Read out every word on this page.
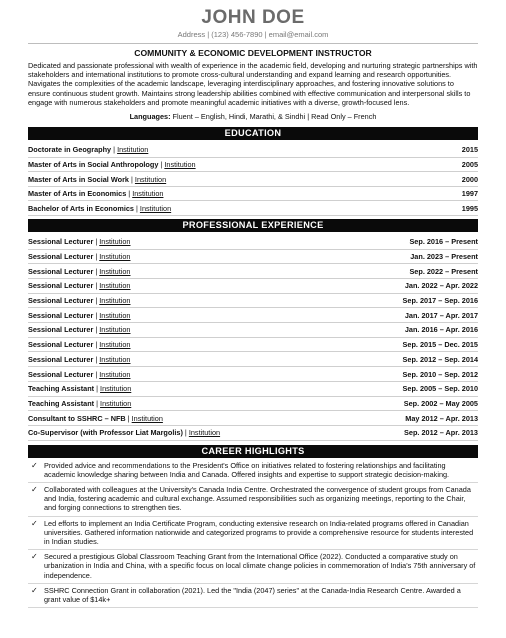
JOHN DOE
Address | (123) 456-7890 | email@email.com
COMMUNITY & ECONOMIC DEVELOPMENT INSTRUCTOR
Dedicated and passionate professional with wealth of experience in the academic field, developing and nurturing strategic partnerships with stakeholders and international institutions to promote cross-cultural understanding and expand learning and research opportunities. Navigates the complexities of the academic landscape, leveraging interdisciplinary approaches, and fostering innovative solutions to ensure continuous student growth. Maintains strong leadership abilities combined with effective communication and interpersonal skills to engage with numerous stakeholders and promote meaningful academic initiatives with a diverse, growth-focused lens.
Languages: Fluent – English, Hindi, Marathi, & Sindhi | Read Only – French
EDUCATION
Doctorate in Geography | Institution	2015
Master of Arts in Social Anthropology | Institution	2005
Master of Arts in Social Work | Institution	2000
Master of Arts in Economics | Institution	1997
Bachelor of Arts in Economics | Institution	1995
PROFESSIONAL EXPERIENCE
Sessional Lecturer | Institution	Sep. 2016 – Present
Sessional Lecturer | Institution	Jan. 2023 – Present
Sessional Lecturer | Institution	Sep. 2022 – Present
Sessional Lecturer | Institution	Jan. 2022 – Apr. 2022
Sessional Lecturer | Institution	Sep. 2017 – Sep. 2016
Sessional Lecturer | Institution	Jan. 2017 – Apr. 2017
Sessional Lecturer | Institution	Jan. 2016 – Apr. 2016
Sessional Lecturer | Institution	Sep. 2015 – Dec. 2015
Sessional Lecturer | Institution	Sep. 2012 – Sep. 2014
Sessional Lecturer | Institution	Sep. 2010 – Sep. 2012
Teaching Assistant | Institution	Sep. 2005 – Sep. 2010
Teaching Assistant | Institution	Sep. 2002 – May 2005
Consultant to SSHRC – NFB | Institution	May 2012 – Apr. 2013
Co-Supervisor (with Professor Liat Margolis) | Institution	Sep. 2012 – Apr. 2013
CAREER HIGHLIGHTS
✓ Provided advice and recommendations to the President's Office on initiatives related to fostering relationships and facilitating academic knowledge sharing between India and Canada. Offered insights and expertise to support strategic decision-making.
✓ Collaborated with colleagues at the University's Canada India Centre. Orchestrated the convergence of student groups from Canada and India, fostering academic and cultural exchange. Assumed responsibilities such as organizing meetings, reporting to the Chair, and forging connections to strengthen ties.
✓ Led efforts to implement an India Certificate Program, conducting extensive research on India-related programs offered in Canadian universities. Gathered information nationwide and categorized programs to provide a comprehensive resource for students interested in Indian studies.
✓ Secured a prestigious Global Classroom Teaching Grant from the International Office (2022). Conducted a comparative study on urbanization in India and China, with a specific focus on local climate change policies in commemoration of India's 75th anniversary of independence.
✓ SSHRC Connection Grant in collaboration (2021). Led the "India (2047) series" at the Canada-India Research Centre. Awarded a grant value of $14k+
